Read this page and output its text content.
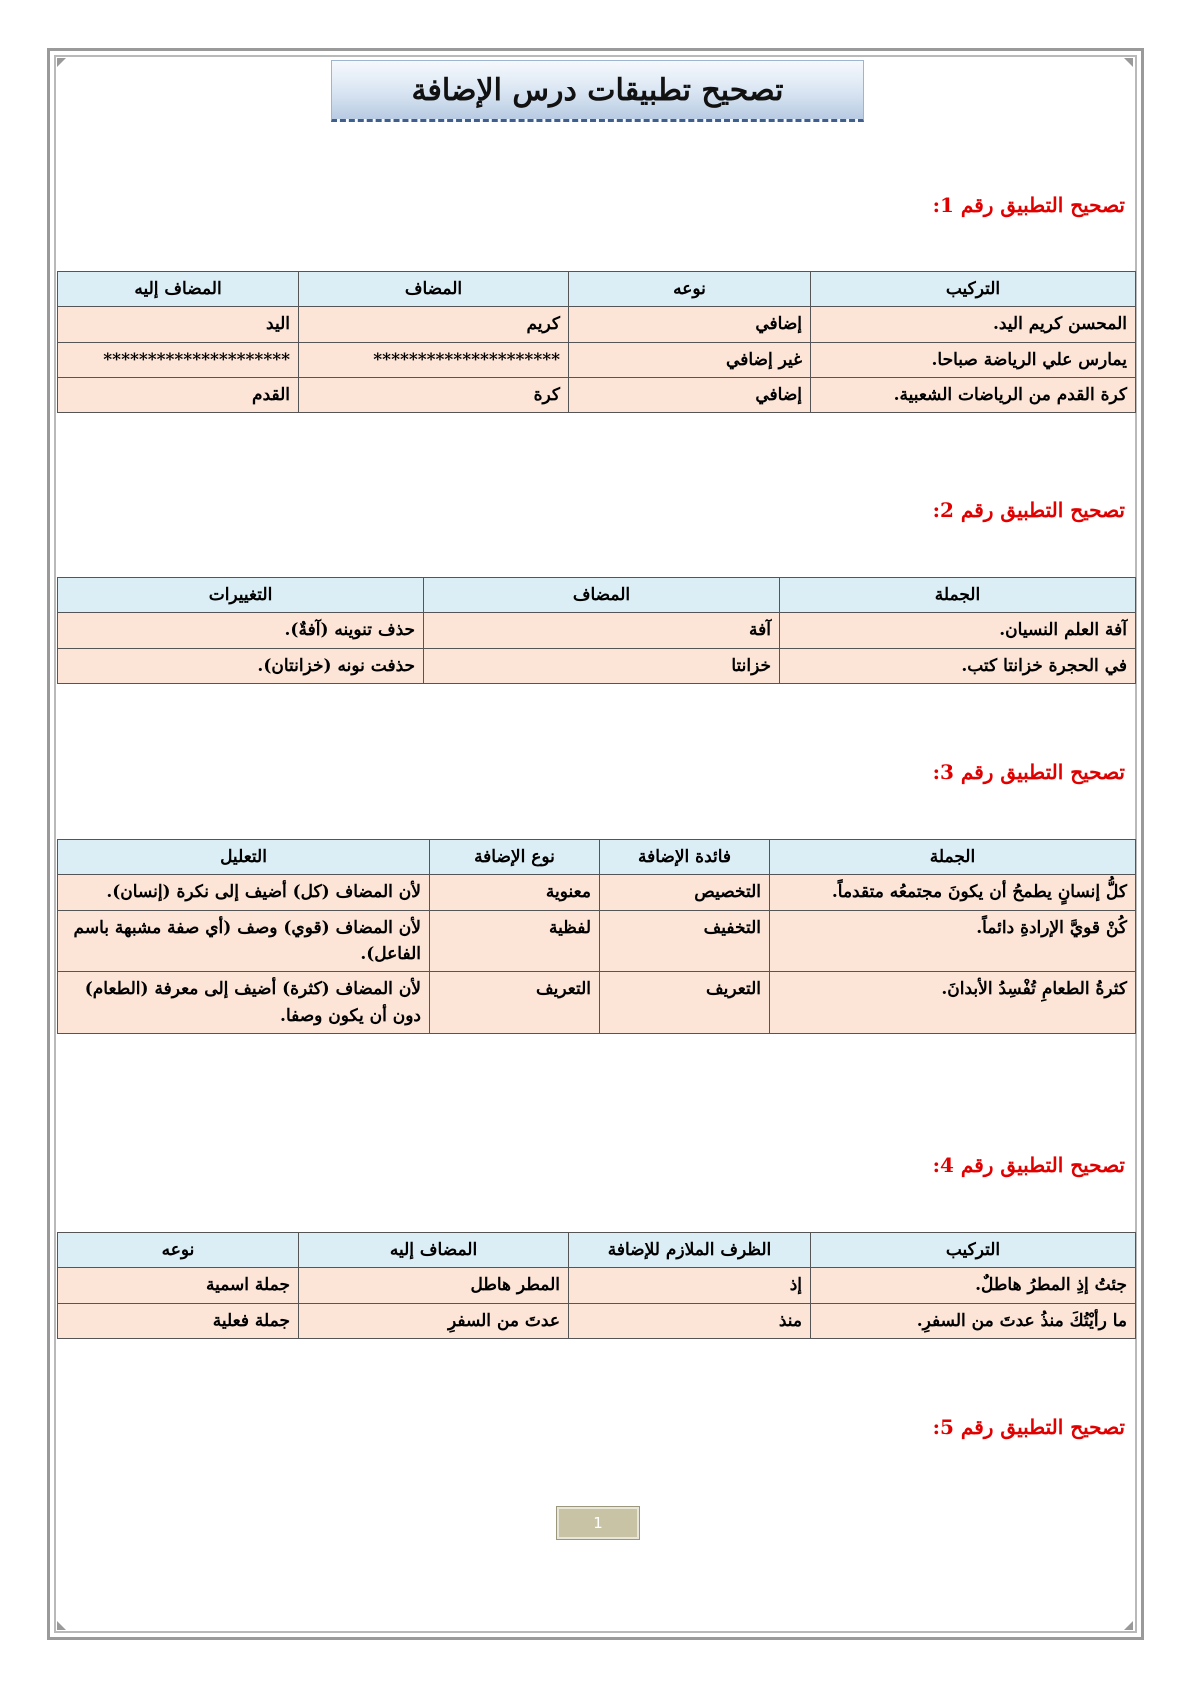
تصحيح تطبيقات درس الإضافة
تصحيح التطبيق رقم 1:
التركيب	نوعه	المضاف	المضاف إليه
المحسن كريم اليد.	إضافي	كريم	اليد
يمارس علي الرياضة صباحا.	غير إضافي	*********************	*********************
كرة القدم من الرياضات الشعبية.	إضافي	كرة	القدم
تصحيح التطبيق رقم 2:
الجملة	المضاف	التغييرات
آفة العلم النسيان.	آفة	حذف تنوينه (آفةٌ).
في الحجرة خزانتا كتب.	خزانتا	حذفت نونه (خزانتان).
تصحيح التطبيق رقم 3:
الجملة	فائدة الإضافة	نوع الإضافة	التعليل
كلُّ إنسانٍ يطمحُ أن يكونَ مجتمعُه متقدماً.	التخصيص	معنوية	لأن المضاف (كل) أضيف إلى نكرة (إنسان).
كُنْ قويَّ الإرادةِ دائماً.	التخفيف	لفظية	لأن المضاف (قوي) وصف (أي صفة مشبهة باسم الفاعل).
كثرةُ الطعامِ تُفْسِدُ الأبدانَ.	التعريف	التعريف	لأن المضاف (كثرة) أضيف إلى معرفة (الطعام) دون أن يكون وصفا.
تصحيح التطبيق رقم 4:
التركيب	الظرف الملازم للإضافة	المضاف إليه	نوعه
جئتُ إذِ المطرُ هاطلٌ.	إذ	المطر هاطل	جملة اسمية
ما رأيْتُكَ منذُ عدتَ من السفرِ.	منذ	عدتَ من السفرِ	جملة فعلية
تصحيح التطبيق رقم 5:
1
